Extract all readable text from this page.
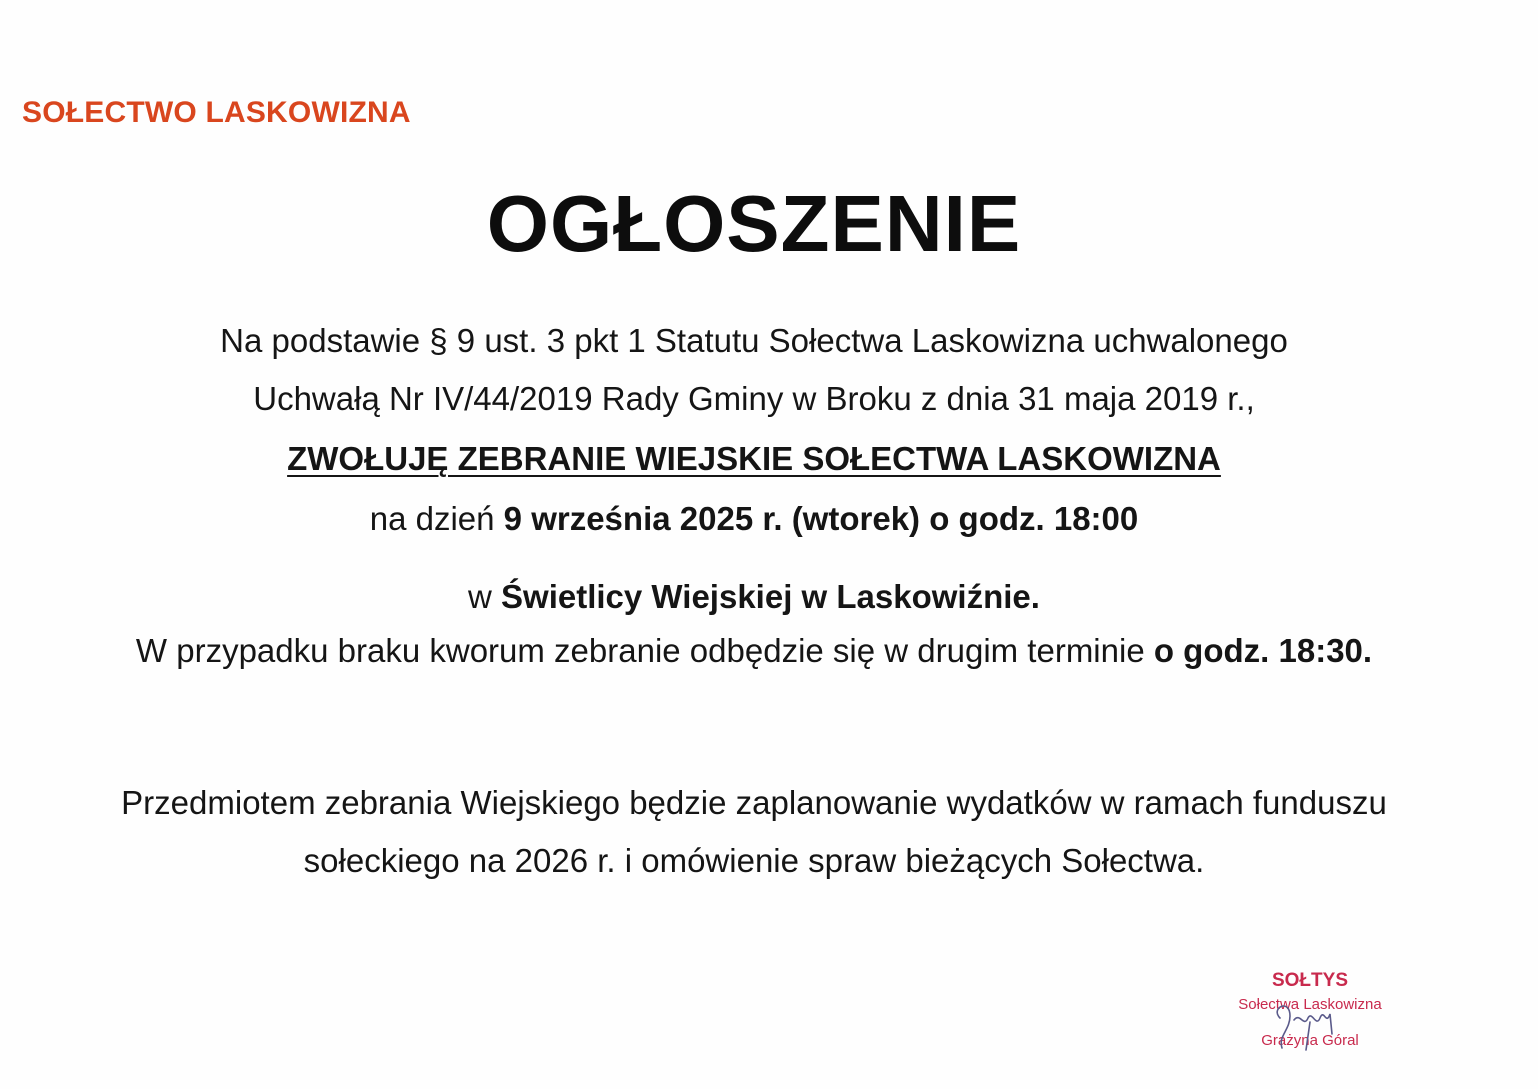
SOŁECTWO LASKOWIZNA
OGŁOSZENIE
Na podstawie § 9 ust. 3 pkt 1 Statutu Sołectwa Laskowizna uchwalonego
Uchwałą Nr IV/44/2019 Rady Gminy w Broku z dnia 31 maja 2019 r.,
ZWOŁUJĘ ZEBRANIE WIEJSKIE SOŁECTWA LASKOWIZNA
na dzień 9 września 2025 r. (wtorek) o godz. 18:00
w Świetlicy Wiejskiej w Laskowiźnie.
W przypadku braku kworum zebranie odbędzie się w drugim terminie o godz. 18:30.
Przedmiotem zebrania Wiejskiego będzie zaplanowanie wydatków w ramach funduszu
sołeckiego na 2026 r. i omówienie spraw bieżących Sołectwa.
SOŁTYS
Sołectwa Laskowizna
Grażyna Góral
